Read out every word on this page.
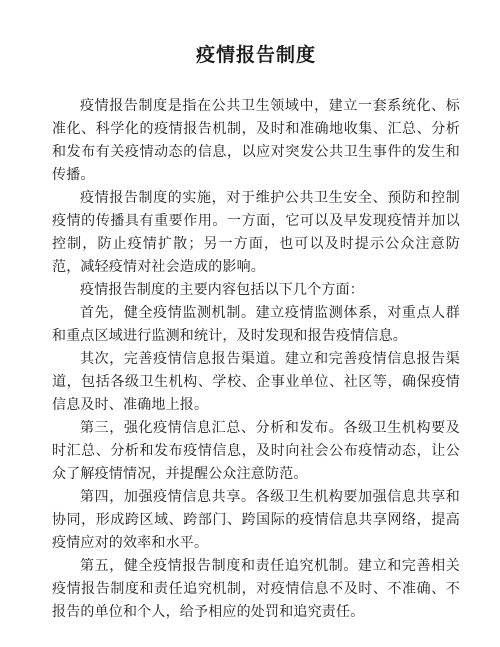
疫情报告制度

疫情报告制度是指在公共卫生领域中，建立一套系统化、标准化、科学化的疫情报告机制，及时和准确地收集、汇总、分析和发布有关疫情动态的信息，以应对突发公共卫生事件的发生和传播。

疫情报告制度的实施，对于维护公共卫生安全、预防和控制疫情的传播具有重要作用。一方面，它可以及早发现疫情并加以控制，防止疫情扩散；另一方面，也可以及时提示公众注意防范，减轻疫情对社会造成的影响。

疫情报告制度的主要内容包括以下几个方面：

首先，健全疫情监测机制。建立疫情监测体系，对重点人群和重点区域进行监测和统计，及时发现和报告疫情信息。

其次，完善疫情信息报告渠道。建立和完善疫情信息报告渠道，包括各级卫生机构、学校、企事业单位、社区等，确保疫情信息及时、准确地上报。

第三，强化疫情信息汇总、分析和发布。各级卫生机构要及时汇总、分析和发布疫情信息，及时向社会公布疫情动态，让公众了解疫情情况，并提醒公众注意防范。

第四，加强疫情信息共享。各级卫生机构要加强信息共享和协同，形成跨区域、跨部门、跨国际的疫情信息共享网络，提高疫情应对的效率和水平。

第五，健全疫情报告制度和责任追究机制。建立和完善相关疫情报告制度和责任追究机制，对疫情信息不及时、不准确、不报告的单位和个人，给予相应的处罚和追究责任。
